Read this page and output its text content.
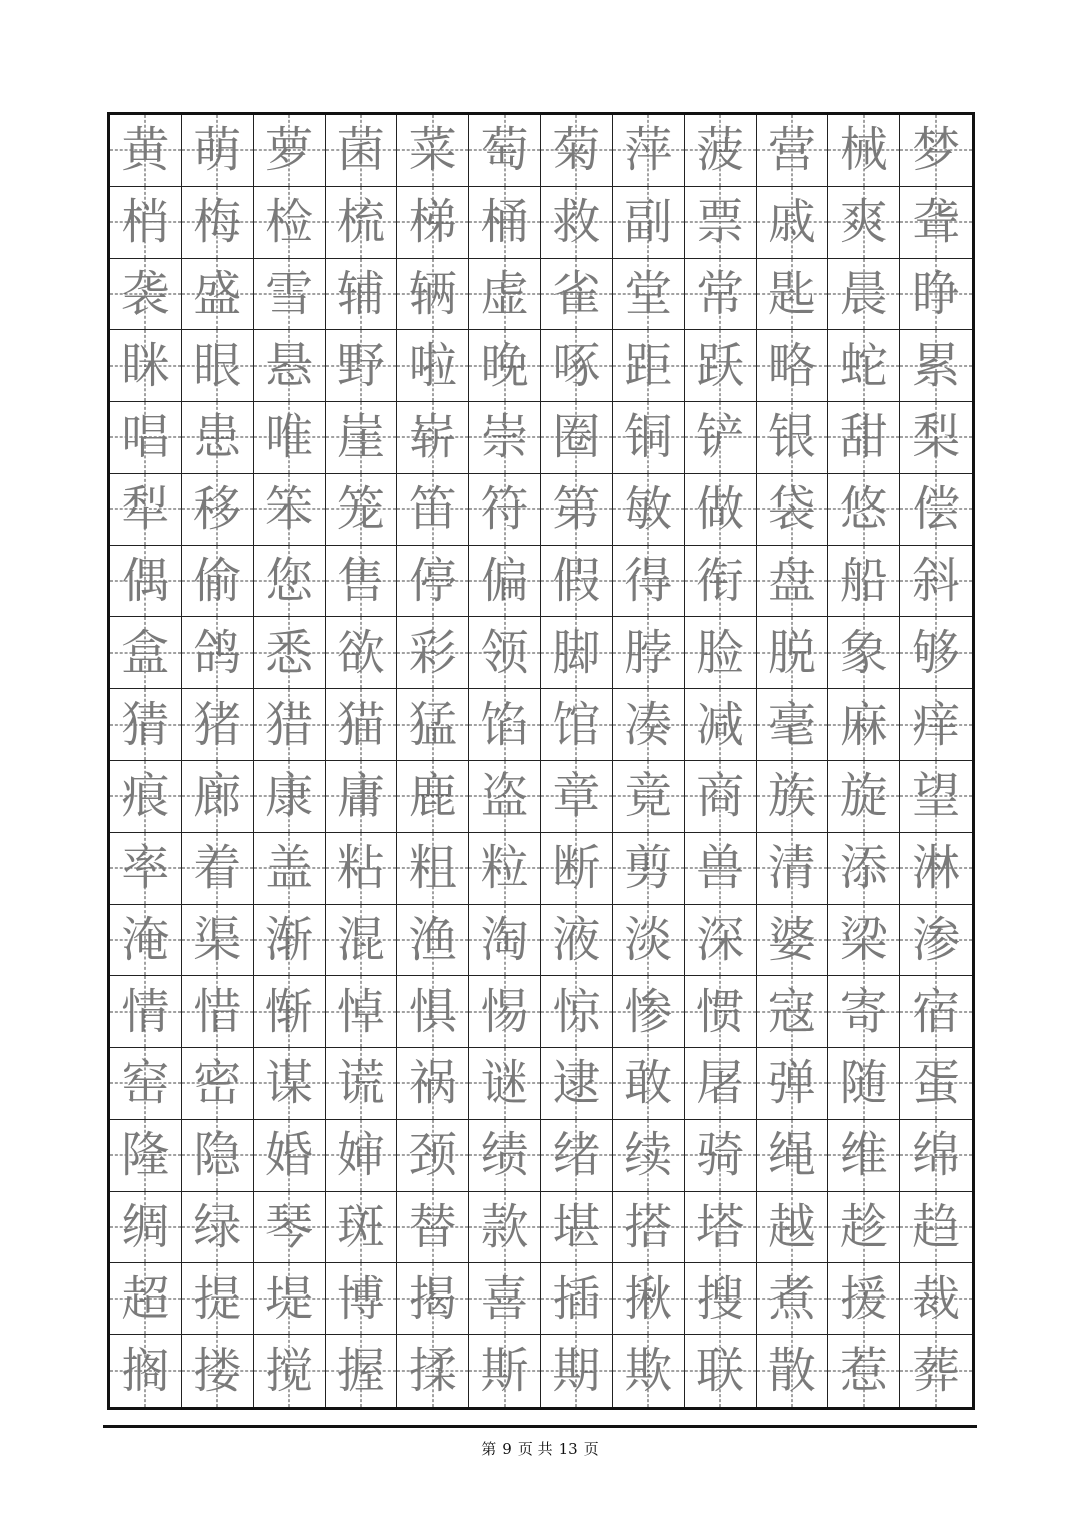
黄 萌 萝 菌 菜 萄 菊 萍 菠 营 械 梦
梢 梅 检 梳 梯 桶 救 副 票 戚 爽 聋
袭 盛 雪 辅 辆 虚 雀 堂 常 匙 晨 睁
眯 眼 悬 野 啦 晚 啄 距 跃 略 蛇 累
唱 患 唯 崖 崭 崇 圈 铜 铲 银 甜 梨
犁 移 笨 笼 笛 符 第 敏 做 袋 悠 偿
偶 偷 您 售 停 偏 假 得 衔 盘 船 斜
盒 鸽 悉 欲 彩 领 脚 脖 脸 脱 象 够
猜 猪 猎 猫 猛 馅 馆 凑 减 毫 麻 痒
痕 廊 康 庸 鹿 盗 章 竟 商 族 旋 望
率 着 盖 粘 粗 粒 断 剪 兽 清 添 淋
淹 渠 渐 混 渔 淘 液 淡 深 婆 梁 渗
情 惜 惭 悼 惧 惕 惊 惨 惯 寇 寄 宿
窑 密 谋 谎 祸 谜 逮 敢 屠 弹 随 蛋
隆 隐 婚 婶 颈 绩 绪 续 骑 绳 维 绵
绸 绿 琴 斑 替 款 堪 搭 塔 越 趁 趋
超 提 堤 博 揭 喜 插 揪 搜 煮 援 裁
搁 搂 搅 握 揉 斯 期 欺 联 散 惹 葬
第 9 页 共 13 页
